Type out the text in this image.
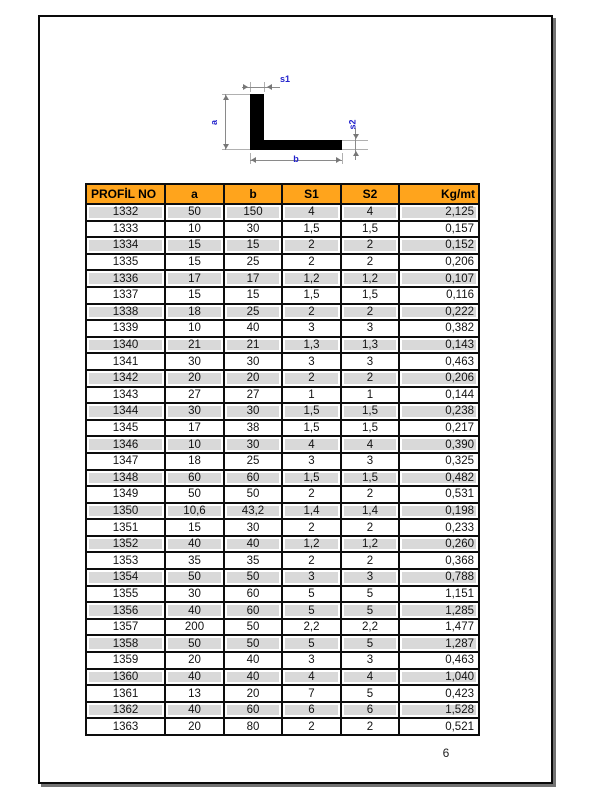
a
s1
b
s2
PROFİL NO	a	b	S1	S2	Kg/mt
1332	50	150	4	4	2,125
1333	10	30	1,5	1,5	0,157
1334	15	15	2	2	0,152
1335	15	25	2	2	0,206
1336	17	17	1,2	1,2	0,107
1337	15	15	1,5	1,5	0,116
1338	18	25	2	2	0,222
1339	10	40	3	3	0,382
1340	21	21	1,3	1,3	0,143
1341	30	30	3	3	0,463
1342	20	20	2	2	0,206
1343	27	27	1	1	0,144
1344	30	30	1,5	1,5	0,238
1345	17	38	1,5	1,5	0,217
1346	10	30	4	4	0,390
1347	18	25	3	3	0,325
1348	60	60	1,5	1,5	0,482
1349	50	50	2	2	0,531
1350	10,6	43,2	1,4	1,4	0,198
1351	15	30	2	2	0,233
1352	40	40	1,2	1,2	0,260
1353	35	35	2	2	0,368
1354	50	50	3	3	0,788
1355	30	60	5	5	1,151
1356	40	60	5	5	1,285
1357	200	50	2,2	2,2	1,477
1358	50	50	5	5	1,287
1359	20	40	3	3	0,463
1360	40	40	4	4	1,040
1361	13	20	7	5	0,423
1362	40	60	6	6	1,528
1363	20	80	2	2	0,521
6
